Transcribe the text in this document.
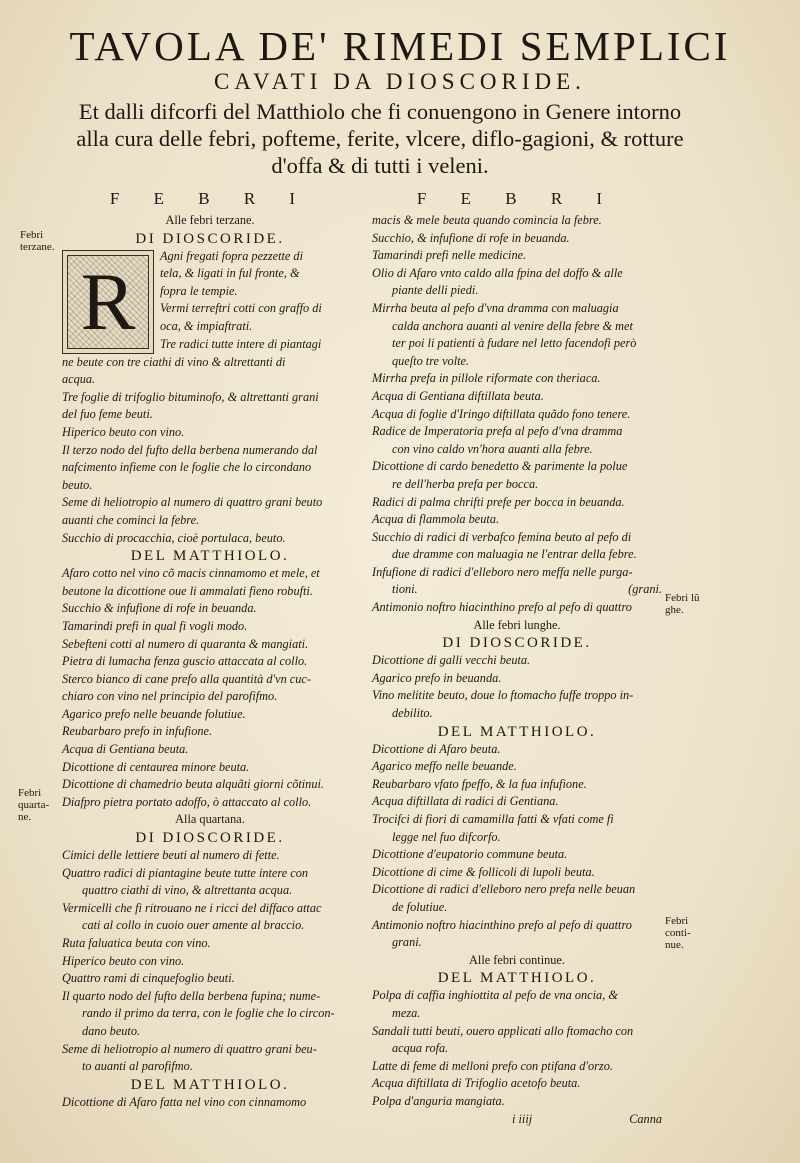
TAVOLA DE' RIMEDI SEMPLICI
CAVATI DA DIOSCORIDE.
Et dalli difcorfi del Matthiolo che fi conuengono in Genere intorno alla cura delle febri, pofteme, ferite, vlcere, diflo-gagioni, & rotture d'offa & di tutti i veleni.
Febri terzane.
Febri quarta-ne.
Febri lũ ghe.
Febri conti-nue.
F E B R I
Alle febri terzane.
DI DIOSCORIDE.
R	Agni fregati fopra pezzette di
tela, & ligati in ful fronte, &
fopra le tempie.
Vermi terreftri cotti con graffo di
oca, & impiaftrati.
Tre radici tutte intere di piantagi
ne beute con tre ciathi di vino & altrettanti di
acqua.
Tre foglie di trifoglio bituminofo, & altrettanti grani
del fuo feme beuti.
Hiperico beuto con vino.
Il terzo nodo del fufto della berbena numerando dal
nafcimento infieme con le foglie che lo circondano
beuto.
Seme di heliotropio al numero di quattro grani beuto
auanti che cominci la febre.
Succhio di procacchia, cioè portulaca, beuto.
DEL MATTHIOLO.
Afaro cotto nel vino cõ macis cinnamomo et mele, et
beutone la dicottione oue li ammalati fieno robufti.
Succhio & infufione di rofe in beuanda.
Tamarindi prefi in qual fi vogli modo.
Sebefteni cotti al numero di quaranta & mangiati.
Pietra di lumacha fenza guscio attaccata al collo.
Sterco bianco di cane prefo alla quantità d'vn cuc-
chiaro con vino nel principio del parofifmo.
Agarico prefo nelle beuande folutiue.
Reubarbaro prefo in infufione.
Acqua di Gentiana beuta.
Dicottione di centaurea minore beuta.
Dicottione di chamedrio beuta alquãti giorni cõtinui.
Diafpro pietra portato adoffo, ò attaccato al collo.
Alla quartana.
DI DIOSCORIDE.
Cimici delle lettiere beuti al numero di fette.
Quattro radici di piantagine beute tutte intere con
quattro ciathi di vino, & altrettanta acqua.
Vermicelli che fi ritrouano ne i ricci del diffaco attac
cati al collo in cuoio ouer amente al braccio.
Ruta faluatica beuta con vino.
Hiperico beuto con vino.
Quattro rami di cinquefoglio beuti.
Il quarto nodo del fufto della berbena fupina; nume-
rando il primo da terra, con le foglie che lo circon-
dano beuto.
Seme di heliotropio al numero di quattro grani beu-
to auanti al parofifmo.
DEL MATTHIOLO.
Dicottione di Afaro fatta nel vino con cinnamomo
F E B R I
macis & mele beuta quando comincia la febre.
Succhio, & infufione di rofe in beuanda.
Tamarindi prefi nelle medicine.
Olio di Afaro vnto caldo alla fpina del doffo & alle
piante delli piedi.
Mirrha beuta al pefo d'vna dramma con maluagia
calda anchora auanti al venire della febre & met
ter poi li patienti à fudare nel letto facendofi però
queſto tre volte.
Mirrha prefa in pillole riformate con theriaca.
Acqua di Gentiana diftillata beuta.
Acqua di foglie d'Iringo diftillata quãdo fono tenere.
Radice de Imperatoria prefa al pefo d'vna dramma
con vino caldo vn'hora auanti alla febre.
Dicottione di cardo benedetto & parimente la polue
re dell'herba prefa per bocca.
Radici di palma chrifti prefe per bocca in beuanda.
Acqua di flammola beuta.
Succhio di radici di verbafco femina beuto al pefo di
due dramme con maluagia ne l'entrar della febre.
Infufione di radici d'elleboro nero meffa nelle purga-
tioni.	(grani.
Antimonio noftro hiacinthino prefo al pefo di quattro
Alle febri lunghe.
DI DIOSCORIDE.
Dicottione di galli vecchi beuta.
Agarico prefo in beuanda.
Vino melitite beuto, doue lo ftomacho fuffe troppo in-
debilito.
DEL MATTHIOLO.
Dicottione di Afaro beuta.
Agarico meffo nelle beuande.
Reubarbaro vfato fpeffo, & la fua infufione.
Acqua diftillata di radici di Gentiana.
Trocifci di fiori di camamilla fatti & vfati come fi
legge nel fuo difcorfo.
Dicottione d'eupatorio commune beuta.
Dicottione di cime & follicoli di lupoli beuta.
Dicottione di radici d'elleboro nero prefa nelle beuan
de folutiue.
Antimonio noftro hiacinthino prefo al pefo di quattro
grani.
Alle febri continue.
DEL MATTHIOLO.
Polpa di caffia inghiottita al pefo de vna oncia, &
meza.
Sandali tutti beuti, ouero applicati allo ftomacho con
acqua rofa.
Latte di feme di melloni prefo con ptifana d'orzo.
Acqua diftillata di Trifoglio acetofo beuta.
Polpa d'anguria mangiata.
i iiij	Canna
